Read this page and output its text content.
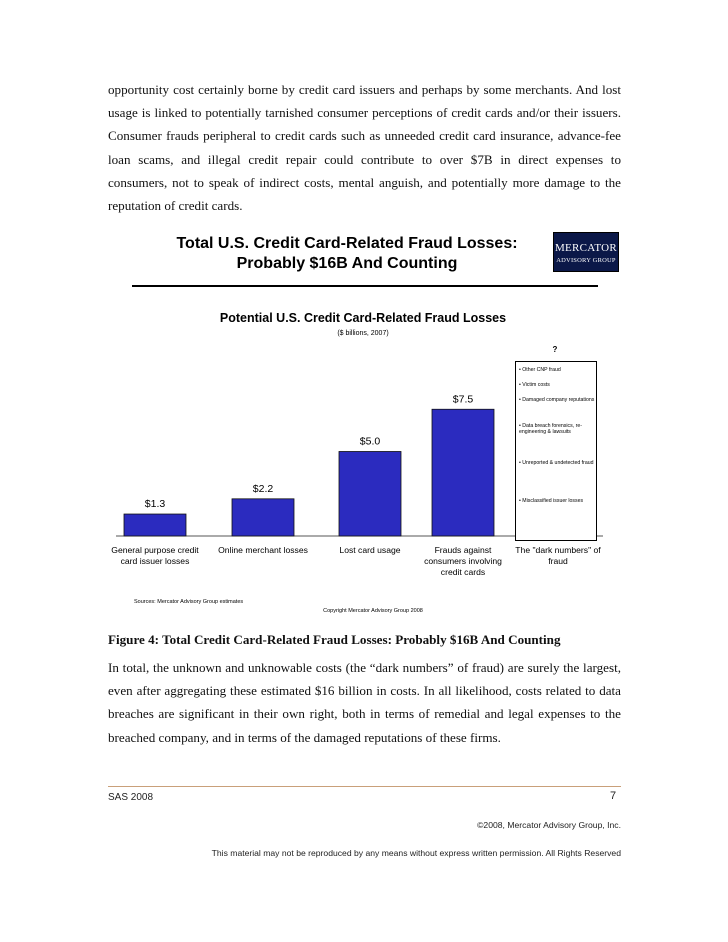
opportunity cost certainly borne by credit card issuers and perhaps by some merchants. And lost usage is linked to potentially tarnished consumer perceptions of credit cards and/or their issuers. Consumer frauds peripheral to credit cards such as unneeded credit card insurance, advance-fee loan scams, and illegal credit repair could contribute to over $7B in direct expenses to consumers, not to speak of indirect costs, mental anguish, and potentially more damage to the reputation of credit cards.
Total U.S. Credit Card-Related Fraud Losses:
Probably $16B And Counting
MERCATOR
ADVISORY GROUP
Potential U.S. Credit Card-Related Fraud Losses
($ billions, 2007)
$1.3
General purpose credit
card issuer losses
$2.2
Online merchant losses
$5.0
Lost card usage
$7.5
Frauds against
consumers involving
credit cards
The "dark numbers" of
fraud
?
• Other CNP fraud
• Victim costs
• Damaged company reputations
• Data breach forensics, re-engineering & lawsuits
• Unreported & undetected fraud
• Misclassified issuer losses
Sources: Mercator Advisory Group estimates
Copyright Mercator Advisory Group 2008
Figure 4: Total Credit Card-Related Fraud Losses: Probably $16B And Counting
In total, the unknown and unknowable costs (the “dark numbers” of fraud) are surely the largest, even after aggregating these estimated $16 billion in costs. In all likelihood, costs related to data breaches are significant in their own right, both in terms of remedial and legal expenses to the breached company, and in terms of the damaged reputations of these firms.
SAS 2008	7
©2008, Mercator Advisory Group, Inc.
This material may not be reproduced by any means without express written permission. All Rights Reserved
